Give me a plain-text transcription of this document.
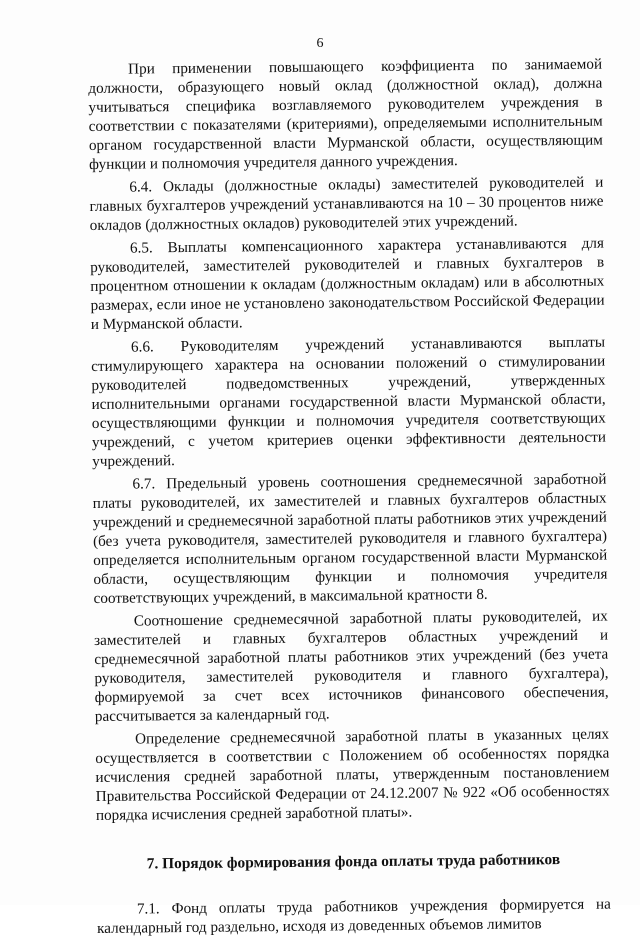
6

При применении повышающего коэффициента по занимаемой должности, образующего новый оклад (должностной оклад), должна учитываться специфика возглавляемого руководителем учреждения в соответствии с показателями (критериями), определяемыми исполнительным органом государственной власти Мурманской области, осуществляющим функции и полномочия учредителя данного учреждения.

6.4. Оклады (должностные оклады) заместителей руководителей и главных бухгалтеров учреждений устанавливаются на 10 – 30 процентов ниже окладов (должностных окладов) руководителей этих учреждений.

6.5. Выплаты компенсационного характера устанавливаются для руководителей, заместителей руководителей и главных бухгалтеров в процентном отношении к окладам (должностным окладам) или в абсолютных размерах, если иное не установлено законодательством Российской Федерации и Мурманской области.

6.6. Руководителям учреждений устанавливаются выплаты стимулирующего характера на основании положений о стимулировании руководителей подведомственных учреждений, утвержденных исполнительными органами государственной власти Мурманской области, осуществляющими функции и полномочия учредителя соответствующих учреждений, с учетом критериев оценки эффективности деятельности учреждений.

6.7. Предельный уровень соотношения среднемесячной заработной платы руководителей, их заместителей и главных бухгалтеров областных учреждений и среднемесячной заработной платы работников этих учреждений (без учета руководителя, заместителей руководителя и главного бухгалтера) определяется исполнительным органом государственной власти Мурманской области, осуществляющим функции и полномочия учредителя соответствующих учреждений, в максимальной кратности 8.

Соотношение среднемесячной заработной платы руководителей, их заместителей и главных бухгалтеров областных учреждений и среднемесячной заработной платы работников этих учреждений (без учета руководителя, заместителей руководителя и главного бухгалтера), формируемой за счет всех источников финансового обеспечения, рассчитывается за календарный год.

Определение среднемесячной заработной платы в указанных целях осуществляется в соответствии с Положением об особенностях порядка исчисления средней заработной платы, утвержденным постановлением Правительства Российской Федерации от 24.12.2007 № 922 «Об особенностях порядка исчисления средней заработной платы».

7. Порядок формирования фонда оплаты труда работников

7.1. Фонд оплаты труда работников учреждения формируется на календарный год раздельно, исходя из доведенных объемов лимитов
